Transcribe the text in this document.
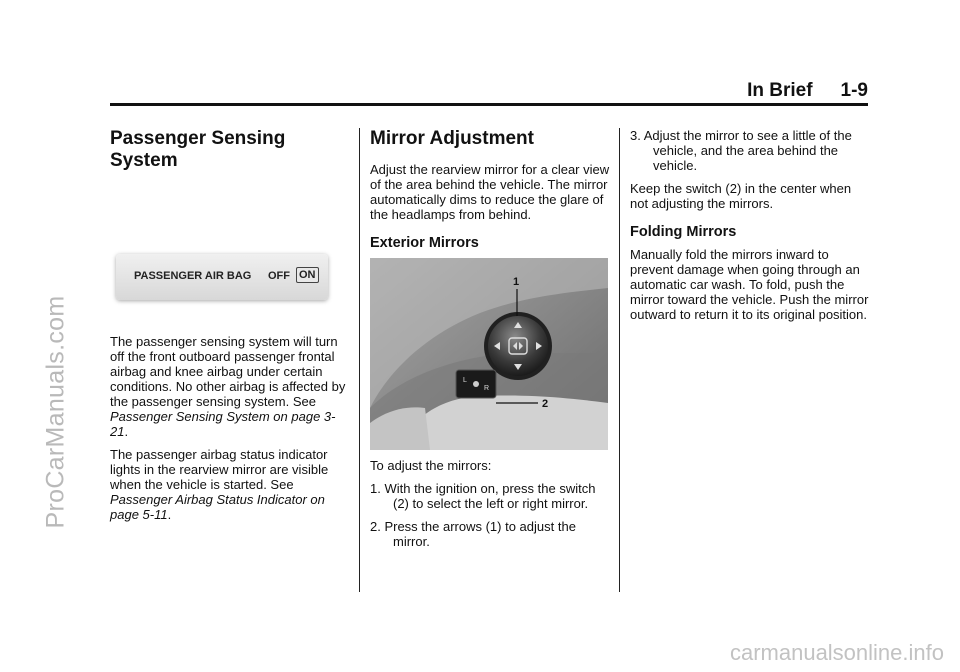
ProCarManuals.com
In Brief 1-9
Passenger Sensing System
PASSENGER AIR BAG OFF ON

The passenger sensing system will turn off the front outboard passenger frontal airbag and knee airbag under certain conditions. No other airbag is affected by the passenger sensing system. See Passenger Sensing System on page 3-21.

The passenger airbag status indicator lights in the rearview mirror are visible when the vehicle is started. See Passenger Airbag Status Indicator on page 5-11.

Mirror Adjustment

Adjust the rearview mirror for a clear view of the area behind the vehicle. The mirror automatically dims to reduce the glare of the headlamps from behind.

Exterior Mirrors
L
R
1
2

To adjust the mirrors:

1. With the ignition on, press the switch (2) to select the left or right mirror.

2. Press the arrows (1) to adjust the mirror.

3. Adjust the mirror to see a little of the vehicle, and the area behind the vehicle.

Keep the switch (2) in the center when not adjusting the mirrors.

Folding Mirrors

Manually fold the mirrors inward to prevent damage when going through an automatic car wash. To fold, push the mirror toward the vehicle. Push the mirror outward to return it to its original position.

carmanualsonline.info
